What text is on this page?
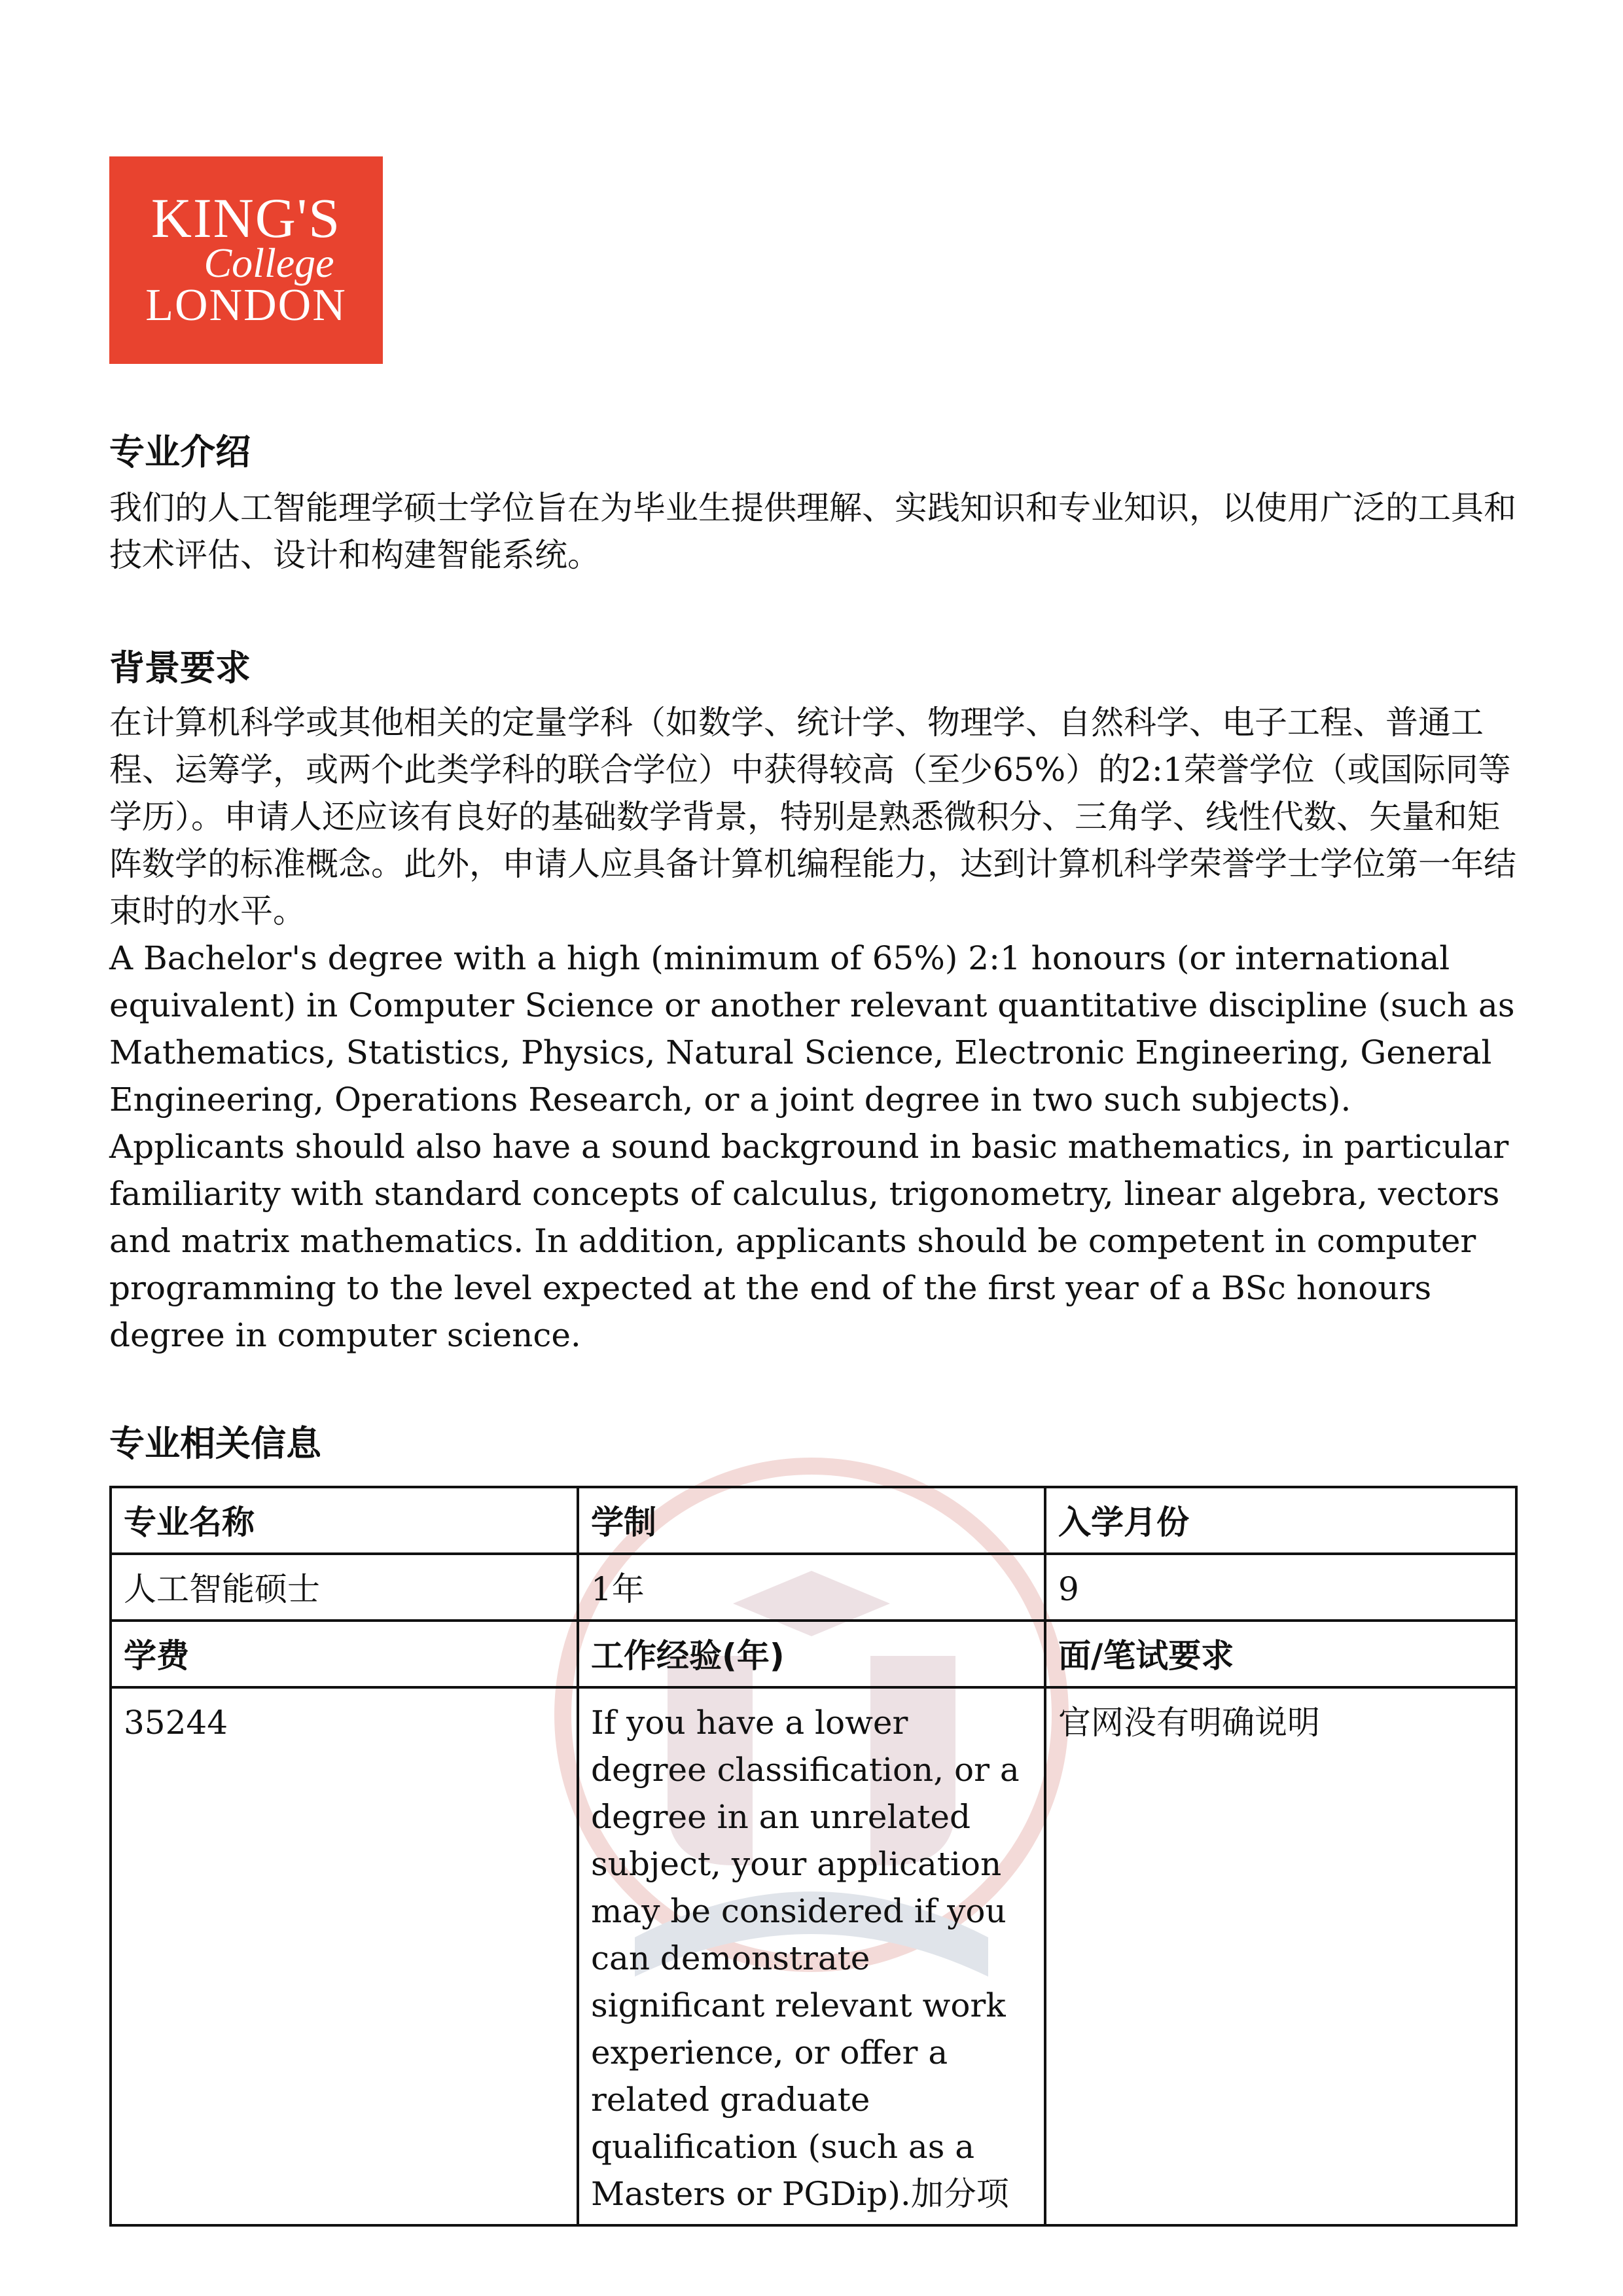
KING'S
College
LONDON
专业介绍

我们的人工智能理学硕士学位旨在为毕业生提供理解、实践知识和专业知识，以使用广泛的工具和技术评估、设计和构建智能系统。

背景要求

在计算机科学或其他相关的定量学科（如数学、统计学、物理学、自然科学、电子工程、普通工程、运筹学，或两个此类学科的联合学位）中获得较高（至少65%）的2:1荣誉学位（或国际同等学历）。申请人还应该有良好的基础数学背景，特别是熟悉微积分、三角学、线性代数、矢量和矩阵数学的标准概念。此外，申请人应具备计算机编程能力，达到计算机科学荣誉学士学位第一年结束时的水平。

A Bachelor's degree with a high (minimum of 65%) 2:1 honours (or international equivalent) in Computer Science or another relevant quantitative discipline (such as Mathematics, Statistics, Physics, Natural Science, Electronic Engineering, General Engineering, Operations Research, or a joint degree in two such subjects). Applicants should also have a sound background in basic mathematics, in particular familiarity with standard concepts of calculus, trigonometry, linear algebra, vectors and matrix mathematics. In addition, applicants should be competent in computer programming to the level expected at the end of the first year of a BSc honours degree in computer science.

专业相关信息
专业名称	学制	入学月份
人工智能硕士	1年	9
学费	工作经验(年)	面/笔试要求
35244	If you have a lower degree classification, or a degree in an unrelated subject, your application may be considered if you can demonstrate significant relevant work experience, or offer a related graduate qualification (such as a Masters or PGDip).加分项	官网没有明确说明
